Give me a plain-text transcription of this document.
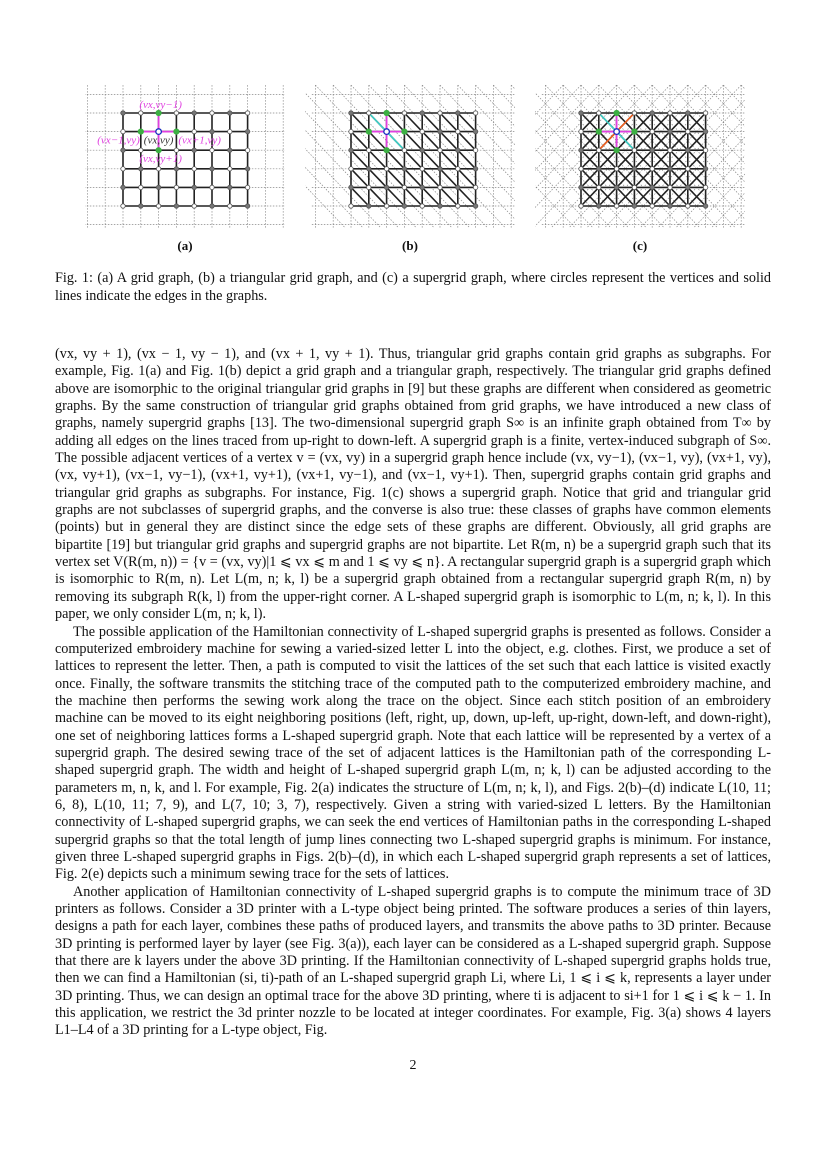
(vx,vy−1)
(vx−1,vy) (vx,vy) (vx+1,vy)
(vx,vy+1)
(a)	(b)	(c)
Fig. 1: (a) A grid graph, (b) a triangular grid graph, and (c) a supergrid graph, where circles represent the vertices and solid lines indicate the edges in the graphs.

(vx, vy + 1), (vx − 1, vy − 1), and (vx + 1, vy + 1). Thus, triangular grid graphs contain grid graphs as subgraphs. For example, Fig. 1(a) and Fig. 1(b) depict a grid graph and a triangular graph, respectively. The triangular grid graphs defined above are isomorphic to the original triangular grid graphs in [9] but these graphs are different when considered as geometric graphs. By the same construction of triangular grid graphs obtained from grid graphs, we have introduced a new class of graphs, namely supergrid graphs [13]. The two-dimensional supergrid graph S∞ is an infinite graph obtained from T∞ by adding all edges on the lines traced from up-right to down-left. A supergrid graph is a finite, vertex-induced subgraph of S∞. The possible adjacent vertices of a vertex v = (vx, vy) in a supergrid graph hence include (vx, vy−1), (vx−1, vy), (vx+1, vy), (vx, vy+1), (vx−1, vy−1), (vx+1, vy+1), (vx+1, vy−1), and (vx−1, vy+1). Then, supergrid graphs contain grid graphs and triangular grid graphs as subgraphs. For instance, Fig. 1(c) shows a supergrid graph. Notice that grid and triangular grid graphs are not subclasses of supergrid graphs, and the converse is also true: these classes of graphs have common elements (points) but in general they are distinct since the edge sets of these graphs are different. Obviously, all grid graphs are bipartite [19] but triangular grid graphs and supergrid graphs are not bipartite. Let R(m, n) be a supergrid graph such that its vertex set V(R(m, n)) = {v = (vx, vy)|1 ⩽ vx ⩽ m and 1 ⩽ vy ⩽ n}. A rectangular supergrid graph is a supergrid graph which is isomorphic to R(m, n). Let L(m, n; k, l) be a supergrid graph obtained from a rectangular supergrid graph R(m, n) by removing its subgraph R(k, l) from the upper-right corner. A L-shaped supergrid graph is isomorphic to L(m, n; k, l). In this paper, we only consider L(m, n; k, l).

The possible application of the Hamiltonian connectivity of L-shaped supergrid graphs is presented as follows. Consider a computerized embroidery machine for sewing a varied-sized letter L into the object, e.g. clothes. First, we produce a set of lattices to represent the letter. Then, a path is computed to visit the lattices of the set such that each lattice is visited exactly once. Finally, the software transmits the stitching trace of the computed path to the computerized embroidery machine, and the machine then performs the sewing work along the trace on the object. Since each stitch position of an embroidery machine can be moved to its eight neighboring positions (left, right, up, down, up-left, up-right, down-left, and down-right), one set of neighboring lattices forms a L-shaped supergrid graph. Note that each lattice will be represented by a vertex of a supergrid graph. The desired sewing trace of the set of adjacent lattices is the Hamiltonian path of the corresponding L-shaped supergrid graph. The width and height of L-shaped supergrid graph L(m, n; k, l) can be adjusted according to the parameters m, n, k, and l. For example, Fig. 2(a) indicates the structure of L(m, n; k, l), and Figs. 2(b)–(d) indicate L(10, 11; 6, 8), L(10, 11; 7, 9), and L(7, 10; 3, 7), respectively. Given a string with varied-sized L letters. By the Hamiltonian connectivity of L-shaped supergrid graphs, we can seek the end vertices of Hamiltonian paths in the corresponding L-shaped supergrid graphs so that the total length of jump lines connecting two L-shaped supergrid graphs is minimum. For instance, given three L-shaped supergrid graphs in Figs. 2(b)–(d), in which each L-shaped supergrid graph represents a set of lattices, Fig. 2(e) depicts such a minimum sewing trace for the sets of lattices.

Another application of Hamiltonian connectivity of L-shaped supergrid graphs is to compute the minimum trace of 3D printers as follows. Consider a 3D printer with a L-type object being printed. The software produces a series of thin layers, designs a path for each layer, combines these paths of produced layers, and transmits the above paths to 3D printer. Because 3D printing is performed layer by layer (see Fig. 3(a)), each layer can be considered as a L-shaped supergrid graph. Suppose that there are k layers under the above 3D printing. If the Hamiltonian connectivity of L-shaped supergrid graphs holds true, then we can find a Hamiltonian (si, ti)-path of an L-shaped supergrid graph Li, where Li, 1 ⩽ i ⩽ k, represents a layer under 3D printing. Thus, we can design an optimal trace for the above 3D printing, where ti is adjacent to si+1 for 1 ⩽ i ⩽ k − 1. In this application, we restrict the 3d printer nozzle to be located at integer coordinates. For example, Fig. 3(a) shows 4 layers L1–L4 of a 3D printing for a L-type object, Fig.

2
